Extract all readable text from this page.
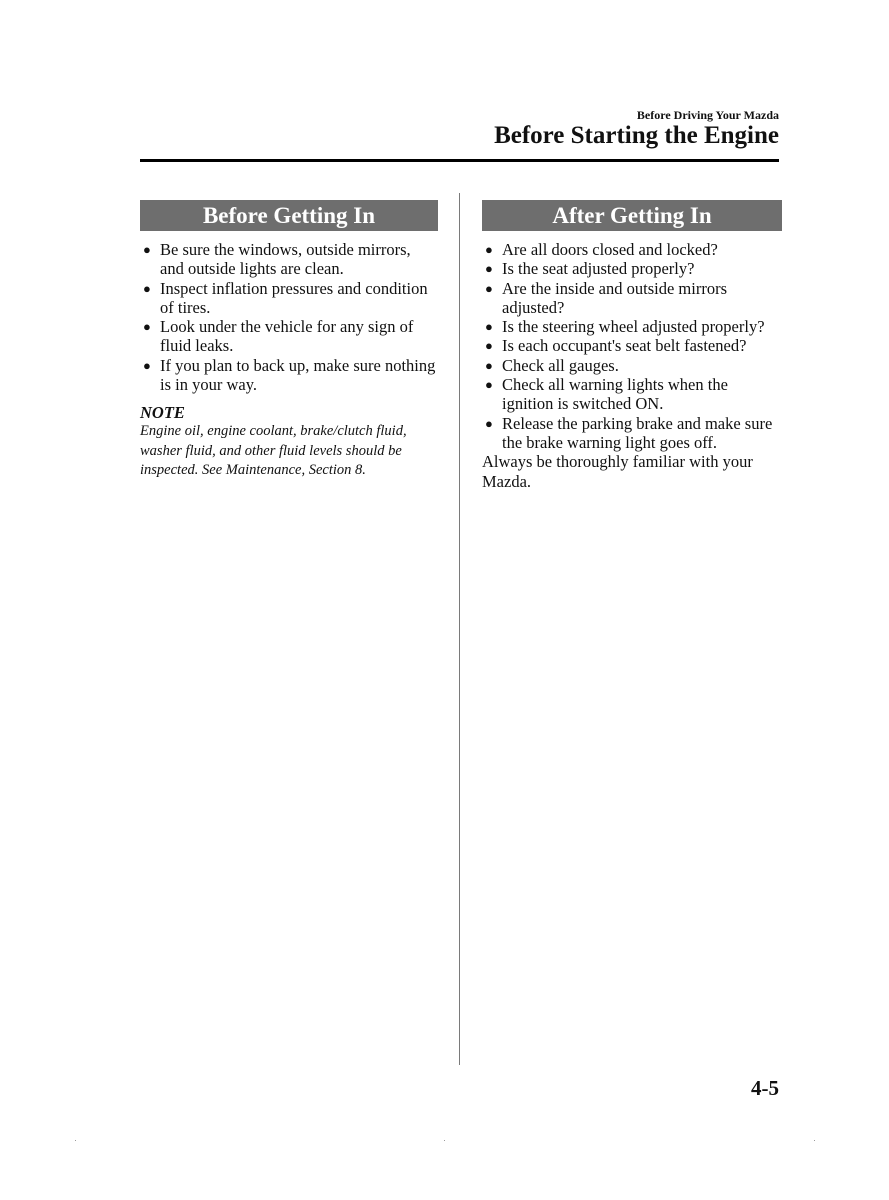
Before Driving Your Mazda
Before Starting the Engine
Before Getting In
● Be sure the windows, outside mirrors, and outside lights are clean.
● Inspect inflation pressures and condition of tires.
● Look under the vehicle for any sign of fluid leaks.
● If you plan to back up, make sure nothing is in your way.
NOTE
Engine oil, engine coolant, brake/clutch fluid,
washer fluid, and other fluid levels should be
inspected. See Maintenance, Section 8.
After Getting In
● Are all doors closed and locked?
● Is the seat adjusted properly?
● Are the inside and outside mirrors adjusted?
● Is the steering wheel adjusted properly?
● Is each occupant's seat belt fastened?
● Check all gauges.
● Check all warning lights when the ignition is switched ON.
● Release the parking brake and make sure the brake warning light goes off.
Always be thoroughly familiar with your Mazda.
4-5
